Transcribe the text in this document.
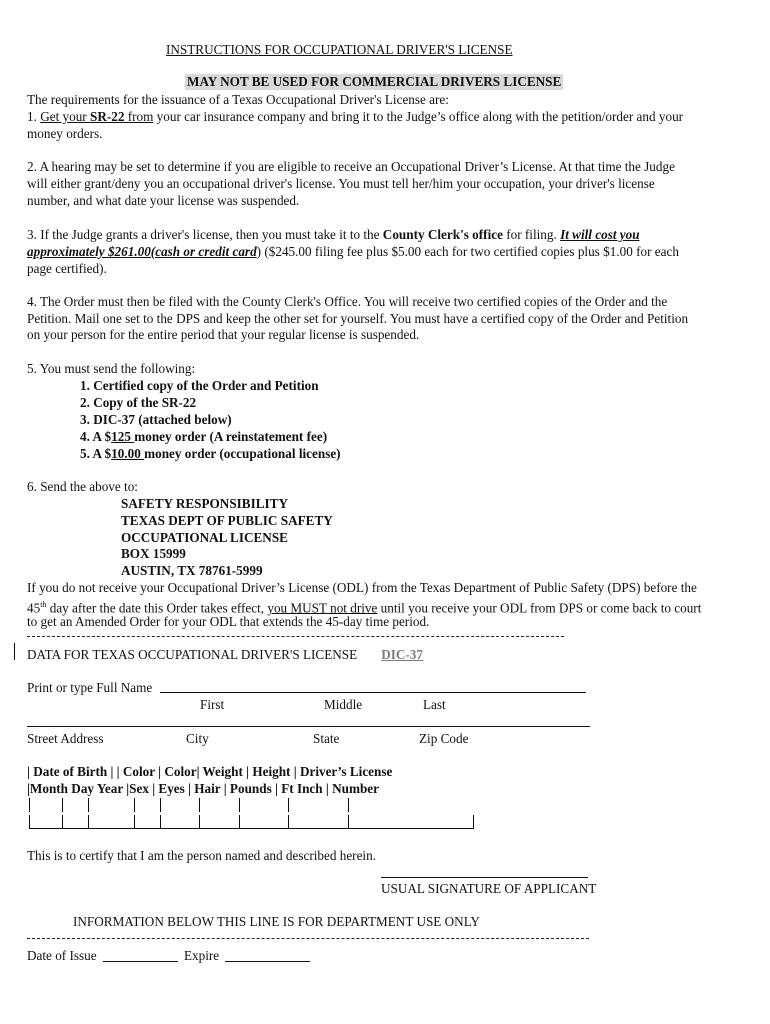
INSTRUCTIONS FOR OCCUPATIONAL DRIVER'S LICENSE
MAY NOT BE USED FOR COMMERCIAL DRIVERS LICENSE
The requirements for the issuance of a Texas Occupational Driver's License are:
1. Get your SR-22 from your car insurance company and bring it to the Judge’s office along with the petition/order and your
money orders.
2. A hearing may be set to determine if you are eligible to receive an Occupational Driver’s License. At that time the Judge
will either grant/deny you an occupational driver's license. You must tell her/him your occupation, your driver's license
number, and what date your license was suspended.
3. If the Judge grants a driver's license, then you must take it to the County Clerk's office for filing. It will cost you
approximately $261.00(cash or credit card) ($245.00 filing fee plus $5.00 each for two certified copies plus $1.00 for each
page certified).
4. The Order must then be filed with the County Clerk's Office. You will receive two certified copies of the Order and the
Petition. Mail one set to the DPS and keep the other set for yourself. You must have a certified copy of the Order and Petition
on your person for the entire period that your regular license is suspended.
5. You must send the following:
1. Certified copy of the Order and Petition
2. Copy of the SR-22
3. DIC-37 (attached below)
4. A $125 money order (A reinstatement fee)
5. A $10.00 money order (occupational license)
6. Send the above to:
SAFETY RESPONSIBILITY
TEXAS DEPT OF PUBLIC SAFETY
OCCUPATIONAL LICENSE
BOX 15999
AUSTIN, TX 78761-5999
If you do not receive your Occupational Driver’s License (ODL) from the Texas Department of Public Safety (DPS) before the
45th day after the date this Order takes effect, you MUST not drive until you receive your ODL from DPS or come back to court
to get an Amended Order for your ODL that extends the 45-day time period.
DATA FOR TEXAS OCCUPATIONAL DRIVER'S LICENSE DIC-37
Print or type Full Name
First	Middle	Last
Street Address	City	State	Zip Code
| Date of Birth | | Color | Color| Weight | Height | Driver’s License
|Month Day Year |Sex | Eyes | Hair | Pounds | Ft Inch | Number
This is to certify that I am the person named and described herein.
USUAL SIGNATURE OF APPLICANT
INFORMATION BELOW THIS LINE IS FOR DEPARTMENT USE ONLY
Date of Issue	Expire
